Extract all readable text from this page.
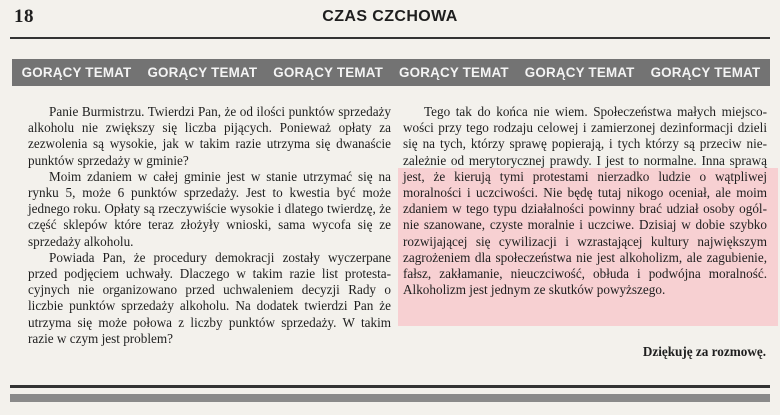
18	CZAS CZCHOWA
GORĄCY TEMAT GORĄCY TEMAT GORĄCY TEMAT GORĄCY TEMAT GORĄCY TEMAT GORĄCY TEMAT

Panie Burmistrzu. Twierdzi Pan, że od ilości punktów sprzedaży alkoholu nie zwiększy się liczba pijących. Ponieważ opłaty za zezwolenia są wysokie, jak w takim razie utrzyma się dwanaście punktów sprzedaży w gminie?

Moim zdaniem w całej gminie jest w stanie utrzymać się na rynku 5, może 6 punktów sprzedaży. Jest to kwestia być może jednego roku. Opłaty są rzeczywiście wysokie i dlatego twierdzę, że część sklepów które teraz złożyły wnioski, sama wycofa się ze sprzedaży alkoholu.

Powiada Pan, że procedury demokracji zostały wyczerpane przed podjęciem uchwały. Dlaczego w takim razie list protestacyjnych nie organizowano przed uchwaleniem decyzji Rady o liczbie punktów sprzedaży alkoholu. Na dodatek twierdzi Pan że utrzyma się może połowa z liczby punktów sprzedaży. W takim razie w czym jest problem?

Tego tak do końca nie wiem. Społeczeństwa małych miejscowości przy tego rodzaju celowej i zamierzonej dezinformacji dzieli się na tych, którzy sprawę popierają, i tych którzy są przeciw niezależnie od merytorycznej prawdy. I jest to normalne. Inna sprawą jest, że kierują tymi protestami nierzadko ludzie o wątpliwej moralności i uczciwości. Nie będę tutaj nikogo oceniał, ale moim zdaniem w tego typu działalności powinny brać udział osoby ogólnie szanowane, czyste moralnie i uczciwe. Dzisiaj w dobie szybko rozwijającej się cywilizacji i wzrastającej kultury największym zagrożeniem dla społeczeństwa nie jest alkoholizm, ale zagubienie, fałsz, zakłamanie, nieuczciwość, obłuda i podwójna moralność. Alkoholizm jest jednym ze skutków powyższego.

Dziękuję za rozmowę.
